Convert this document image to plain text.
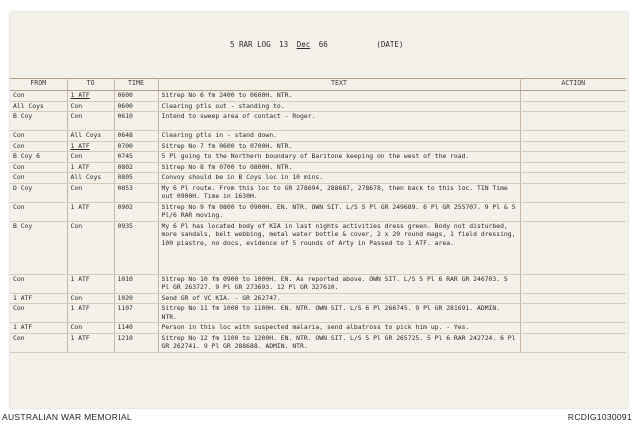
5 RAR LOG 13 Dec 66	(DATE)
FROM	TO	TIME	TEXT	ACTION
Con	1 ATF	0600	Sitrep No 6 fm 2400 to 0600H. NTR.	
All Coys	Con	0600	Clearing ptls out - standing to.	
B Coy	Con	0610	Intend to sweep area of contact - Roger.	
Con	All Coys	0648	Clearing ptls in - stand down.	
Con	1 ATF	0700	Sitrep No 7 fm 0600 to 0700H. NTR.	
B Coy 6	Con	0745	5 Pl going to the Northern boundary of Baritone keeping on the west of the road.	
Con	1 ATF	0802	Sitrep No 8 fm 0700 to 0800H. NTR.	
Con	All Coys	0805	Convoy should be in B Coys loc in 10 mins.	
D Coy	Con	0853	My 6 Pl route. From this loc to GR 278694, 288687, 278678, then back to this loc. TIN Time out 0900H. Time in 1630H.	
Con	1 ATF	0902	Sitrep No 9 fm 0800 to 0900H. EN. NTR. OWN SIT. L/S 5 Pl GR 249689. 6 Pl GR 255707. 9 Pl & 5 Pl/6 RAR moving.	
B Coy	Con	0935	My 6 Pl has located body of KIA in last nights activities dress green. Body not disturbed, more sandals, belt webbing, metal water bottle & cover, 2 x 20 round mags, 1 field dressing, 100 piastre, no docs, evidence of 5 rounds of Arty in Passed to 1 ATF. area.	
Con	1 ATF	1010	Sitrep No 10 fm 0900 to 1000H. EN. As reported above. OWN SIT. L/S 5 Pl 6 RAR GR 246703. 5 Pl GR 263727. 9 Pl GR 273693. 12 Pl GR 327610.	
1 ATF	Con	1020	Send GR of VC KIA. - GR 262747.	
Con	1 ATF	1107	Sitrep No 11 fm 1000 to 1100H. EN. NTR. OWN SIT. L/S 6 Pl 266745. 9 Pl GR 281691. ADMIN. NTR.	
1 ATF	Con	1140	Person in this loc with suspected malaria, send albatross to pick him up. - Yes.	
Con	1 ATF	1210	Sitrep No 12 fm 1100 to 1200H. EN. NTR. OWN SIT. L/S 5 Pl GR 265725. 5 Pl 6 RAR 242724. 6 Pl GR 262741. 9 Pl GR 288688. ADMIN. NTR.	
AUSTRALIAN WAR MEMORIAL	RCDIG1030091
